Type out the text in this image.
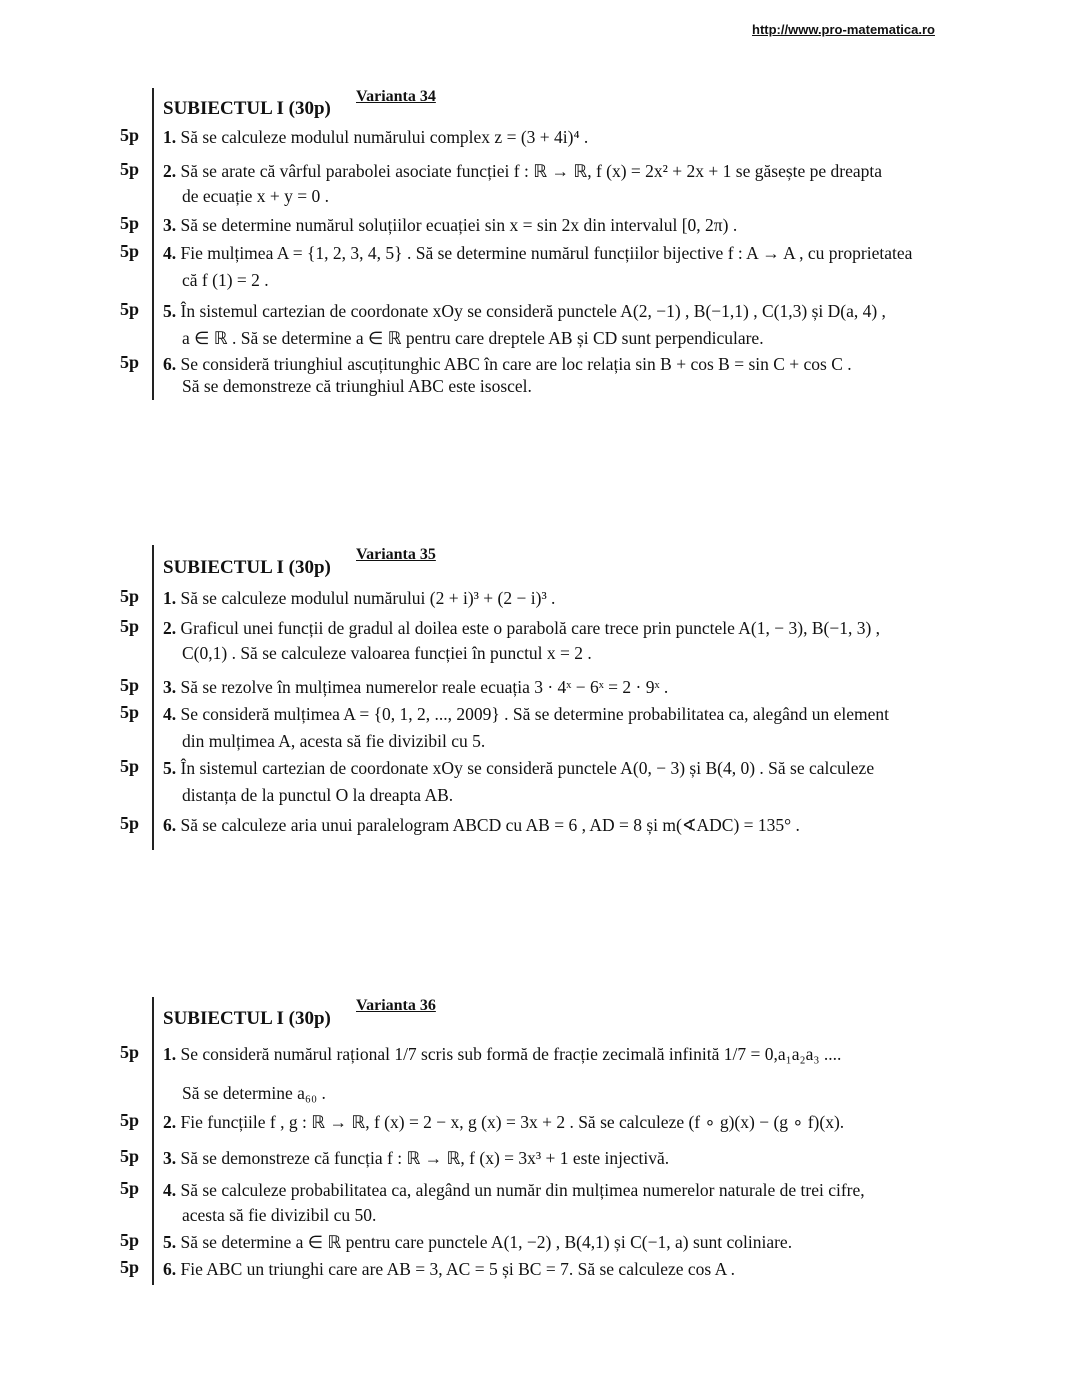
http://www.pro-matematica.ro
SUBIECTUL I (30p)
Varianta 34
5p 1. Să se calculeze modulul numărului complex z = (3 + 4i)⁴ .
5p 2. Să se arate că vârful parabolei asociate funcției f : ℝ → ℝ, f (x) = 2x² + 2x + 1 se găsește pe dreapta
de ecuație x + y = 0 .
5p 3. Să se determine numărul soluțiilor ecuației sin x = sin 2x din intervalul [0, 2π) .
5p 4. Fie mulțimea A = {1, 2, 3, 4, 5} . Să se determine numărul funcțiilor bijective f : A → A , cu proprietatea
că f (1) = 2 .
5p 5. În sistemul cartezian de coordonate xOy se consideră punctele A(2, −1) , B(−1,1) , C(1,3) și D(a, 4) ,
a ∈ ℝ . Să se determine a ∈ ℝ pentru care dreptele AB și CD sunt perpendiculare.
5p 6. Se consideră triunghiul ascuțitunghic ABC în care are loc relația sin B + cos B = sin C + cos C .
Să se demonstreze că triunghiul ABC este isoscel.
SUBIECTUL I (30p)
Varianta 35
5p 1. Să se calculeze modulul numărului (2 + i)³ + (2 − i)³ .
5p 2. Graficul unei funcții de gradul al doilea este o parabolă care trece prin punctele A(1, − 3), B(−1, 3) ,
C(0,1) . Să se calculeze valoarea funcției în punctul x = 2 .
5p 3. Să se rezolve în mulțimea numerelor reale ecuația 3 · 4ˣ − 6ˣ = 2 · 9ˣ .
5p 4. Se consideră mulțimea A = {0, 1, 2, ..., 2009} . Să se determine probabilitatea ca, alegând un element
din mulțimea A, acesta să fie divizibil cu 5.
5p 5. În sistemul cartezian de coordonate xOy se consideră punctele A(0, − 3) și B(4, 0) . Să se calculeze
distanța de la punctul O la dreapta AB.
5p 6. Să se calculeze aria unui paralelogram ABCD cu AB = 6 , AD = 8 și m(∢ADC) = 135° .
SUBIECTUL I (30p)
Varianta 36
5p 1. Se consideră numărul rațional 1/7 scris sub formă de fracție zecimală infinită 1/7 = 0,a₁a₂a₃ ....
Să se determine a₆₀ .
5p 2. Fie funcțiile f , g : ℝ → ℝ, f (x) = 2 − x, g (x) = 3x + 2 . Să se calculeze (f ∘ g)(x) − (g ∘ f)(x).
5p 3. Să se demonstreze că funcția f : ℝ → ℝ, f (x) = 3x³ + 1 este injectivă.
5p 4. Să se calculeze probabilitatea ca, alegând un număr din mulțimea numerelor naturale de trei cifre,
acesta să fie divizibil cu 50.
5p 5. Să se determine a ∈ ℝ pentru care punctele A(1, −2) , B(4,1) și C(−1, a) sunt coliniare.
5p 6. Fie ABC un triunghi care are AB = 3, AC = 5 și BC = 7. Să se calculeze cos A .
